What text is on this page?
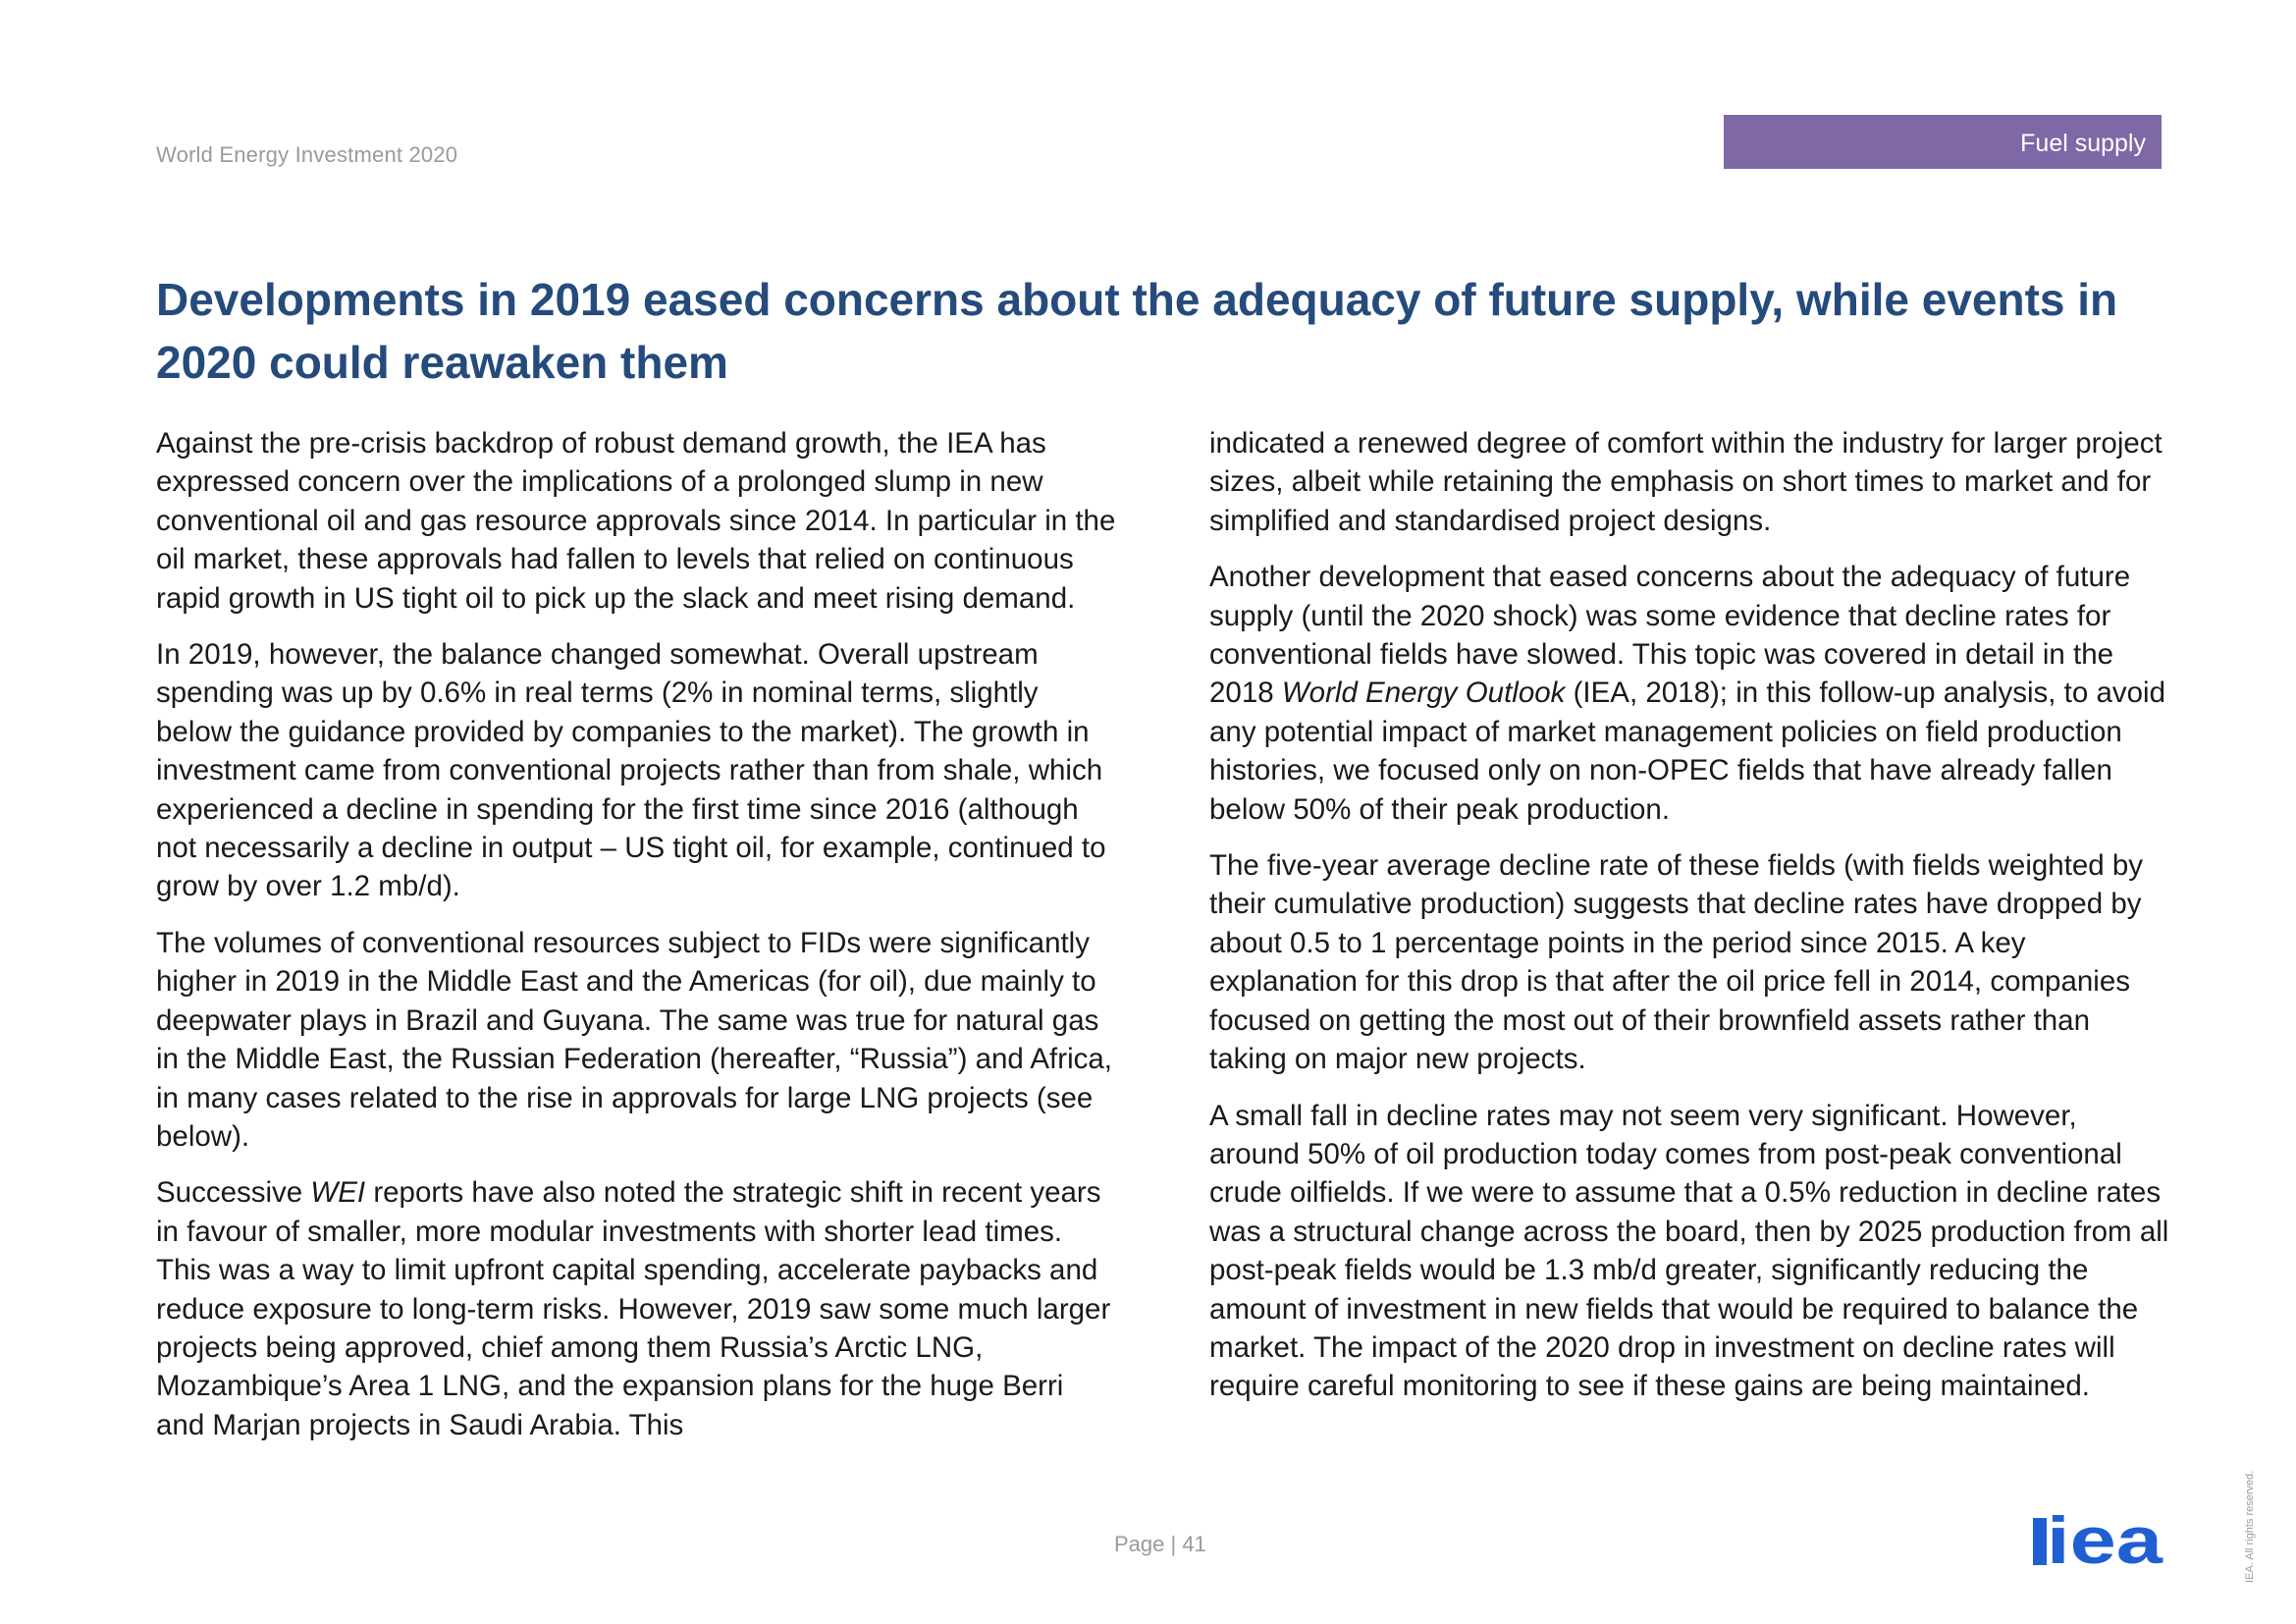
World Energy Investment 2020	Fuel supply
Developments in 2019 eased concerns about the adequacy of future supply, while events in 2020 could reawaken them

Against the pre-crisis backdrop of robust demand growth, the IEA has expressed concern over the implications of a prolonged slump in new conventional oil and gas resource approvals since 2014. In particular in the oil market, these approvals had fallen to levels that relied on continuous rapid growth in US tight oil to pick up the slack and meet rising demand.

In 2019, however, the balance changed somewhat. Overall upstream spending was up by 0.6% in real terms (2% in nominal terms, slightly below the guidance provided by companies to the market). The growth in investment came from conventional projects rather than from shale, which experienced a decline in spending for the first time since 2016 (although not necessarily a decline in output – US tight oil, for example, continued to grow by over 1.2 mb/d).

The volumes of conventional resources subject to FIDs were significantly higher in 2019 in the Middle East and the Americas (for oil), due mainly to deepwater plays in Brazil and Guyana. The same was true for natural gas in the Middle East, the Russian Federation (hereafter, “Russia”) and Africa, in many cases related to the rise in approvals for large LNG projects (see below).

Successive WEI reports have also noted the strategic shift in recent years in favour of smaller, more modular investments with shorter lead times. This was a way to limit upfront capital spending, accelerate paybacks and reduce exposure to long-term risks. However, 2019 saw some much larger projects being approved, chief among them Russia’s Arctic LNG, Mozambique’s Area 1 LNG, and the expansion plans for the huge Berri and Marjan projects in Saudi Arabia. This

indicated a renewed degree of comfort within the industry for larger project sizes, albeit while retaining the emphasis on short times to market and for simplified and standardised project designs.

Another development that eased concerns about the adequacy of future supply (until the 2020 shock) was some evidence that decline rates for conventional fields have slowed. This topic was covered in detail in the 2018 World Energy Outlook (IEA, 2018); in this follow-up analysis, to avoid any potential impact of market management policies on field production histories, we focused only on non-OPEC fields that have already fallen below 50% of their peak production.

The five-year average decline rate of these fields (with fields weighted by their cumulative production) suggests that decline rates have dropped by about 0.5 to 1 percentage points in the period since 2015. A key explanation for this drop is that after the oil price fell in 2014, companies focused on getting the most out of their brownfield assets rather than taking on major new projects.

A small fall in decline rates may not seem very significant. However, around 50% of oil production today comes from post-peak conventional crude oilfields. If we were to assume that a 0.5% reduction in decline rates was a structural change across the board, then by 2025 production from all post-peak fields would be 1.3 mb/d greater, significantly reducing the amount of investment in new fields that would be required to balance the market. The impact of the 2020 drop in investment on decline rates will require careful monitoring to see if these gains are being maintained.

Page | 41	iea	IEA. All rights reserved.
